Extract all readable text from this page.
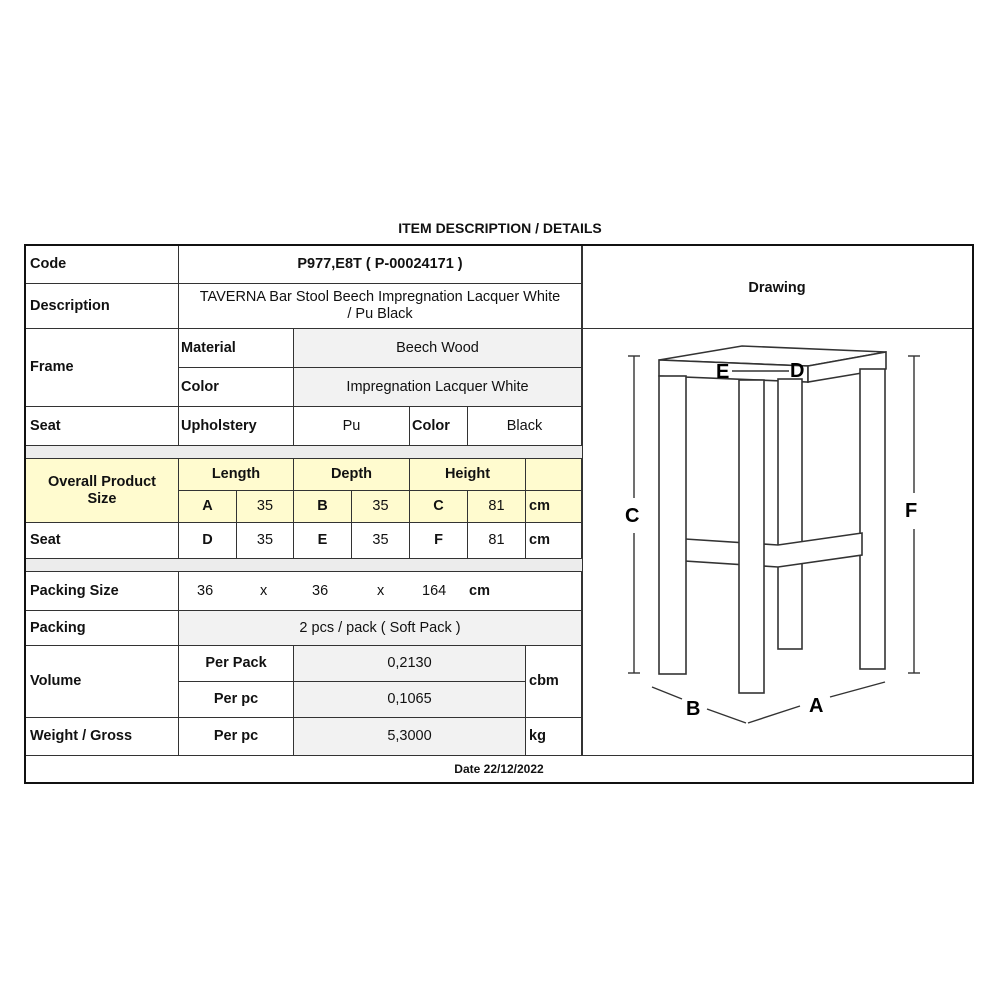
ITEM DESCRIPTION / DETAILS
Code	P977,E8T ( P-00024171 )
Description
TAVERNA Bar Stool Beech Impregnation Lacquer White / Pu Black
Frame
Material	Beech Wood
Color	Impregnation Lacquer White
Seat	Upholstery	Pu	Color	Black
Overall Product Size
Length	Depth	Height
A	35	B	35	C	81	cm
Seat	D	35	E	35	F	81	cm
Packing Size	36	x	36	x	164 cm
Packing	2 pcs / pack ( Soft Pack )
Volume
Per Pack	0,2130
Per pc	0,1065
cbm
Weight / Gross	Per pc	5,3000	kg
Drawing
E	D
C	F
B	A
Date 22/12/2022
